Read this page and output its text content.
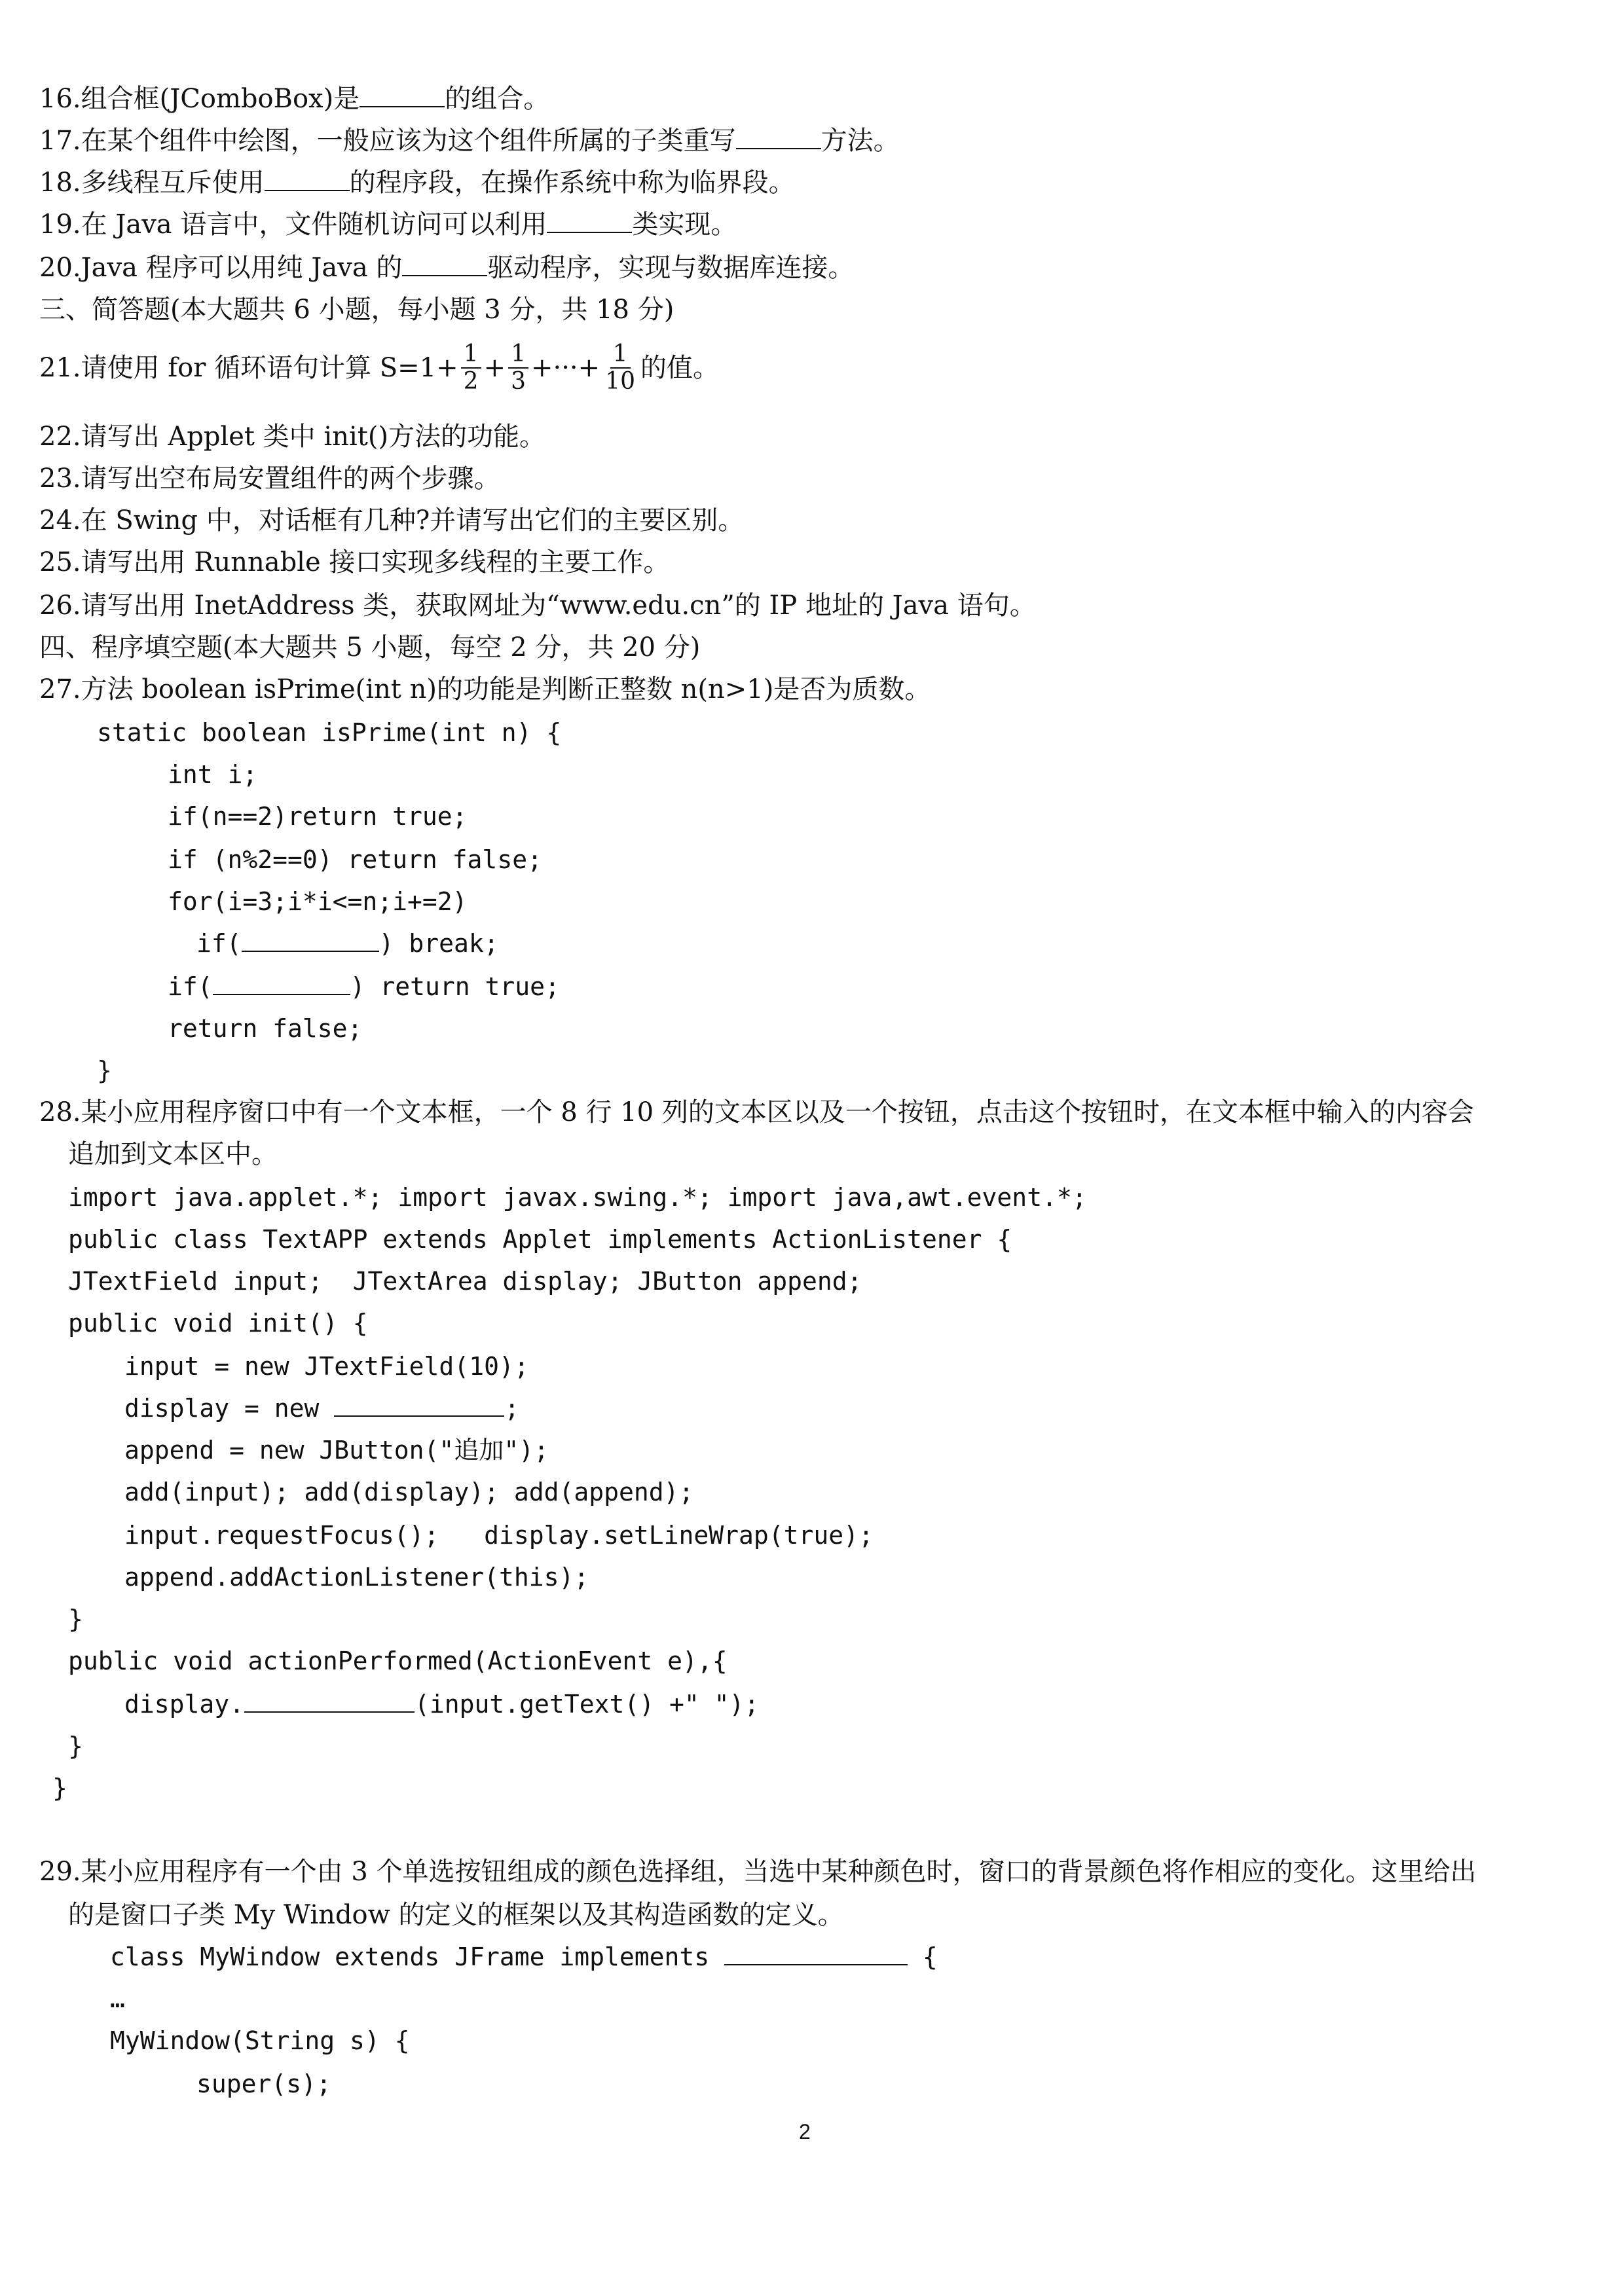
16.组合框(JComboBox)是	的组合。
17.在某个组件中绘图，一般应该为这个组件所属的子类重写	方法。
18.多线程互斥使用	的程序段，在操作系统中称为临界段。
19.在 Java 语言中，文件随机访问可以利用	类实现。
20.Java 程序可以用纯 Java 的	驱动程序，实现与数据库连接。
三、简答题(本大题共 6 小题，每小题 3 分，共 18 分)
21.请使用 for 循环语句计算 $S=1+ \frac{1}{2} + \frac{1}{3}$ +···+ $\frac{1}{10}$ 的值。
22.请写出 Applet 类中 init()方法的功能。
23.请写出空布局安置组件的两个步骤。
24.在 Swing 中，对话框有几种?并请写出它们的主要区别。
25.请写出用 Runnable 接口实现多线程的主要工作。
26.请写出用 InetAddress 类，获取网址为“www.edu.cn”的 IP 地址的 Java 语句。
四、程序填空题(本大题共 5 小题，每空 2 分，共 20 分)
27.方法 boolean isPrime(int n)的功能是判断正整数 n(n>1)是否为质数。
static boolean isPrime(int n) {
int i;
if(n==2)return true;
if (n%2==0) return false;
for(i=3;i*i<=n;i+=2)
if(	) break;
if(	) return true;
return false;
}
28.某小应用程序窗口中有一个文本框，一个 8 行 10 列的文本区以及一个按钮，点击这个按钮时，在文本框中输入的内容会
追加到文本区中。
import java.applet.*; import javax.swing.*; import java,awt.event.*;
public class TextAPP extends Applet implements ActionListener {
JTextField input;  JTextArea display; JButton append;
public void init() {
input = new JTextField(10);
display = new	;
append = new JButton("追加");
add(input); add(display); add(append);
input.requestFocus();   display.setLineWrap(true);
append.addActionListener(this);
}
public void actionPerformed(ActionEvent e),{
display.	(input.getText() +" ");
}
}
29.某小应用程序有一个由 3 个单选按钮组成的颜色选择组，当选中某种颜色时，窗口的背景颜色将作相应的变化。这里给出
的是窗口子类 My Window 的定义的框架以及其构造函数的定义。
class MyWindow extends JFrame implements	{
…
MyWindow(String s) {
super(s);
2
